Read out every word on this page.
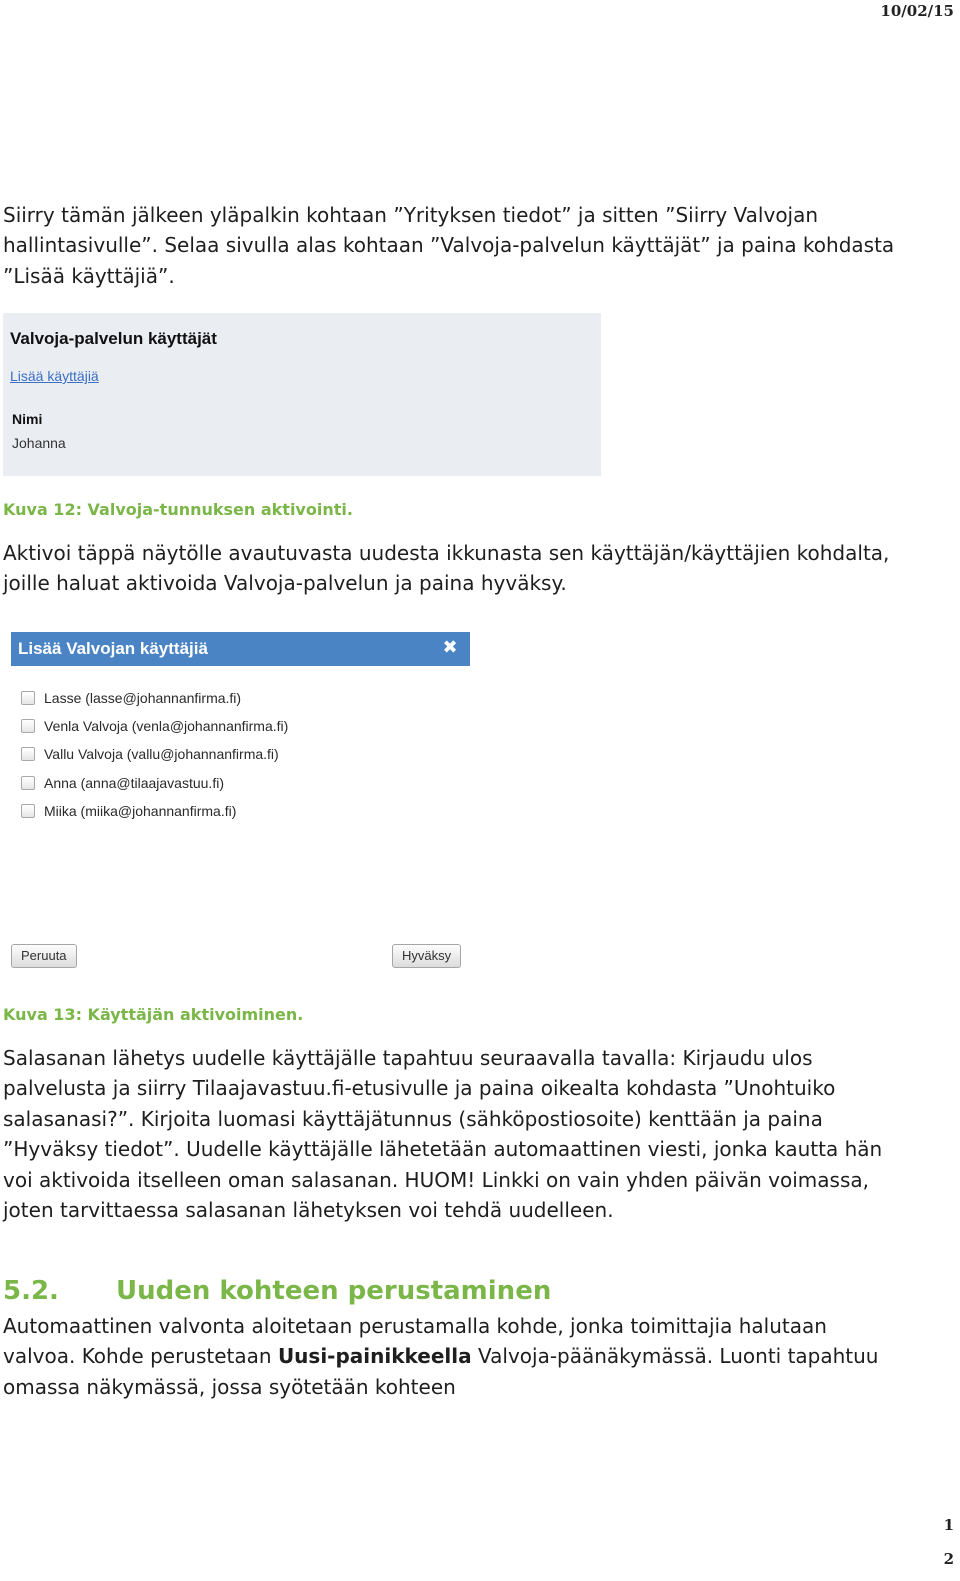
10/02/15

Siirry tämän jälkeen yläpalkin kohtaan ”Yrityksen tiedot” ja sitten ”Siirry Valvojan hallintasivulle”. Selaa sivulla alas kohtaan ”Valvoja-palvelun käyttäjät” ja paina kohdasta ”Lisää käyttäjiä”.

Valvoja-palvelun käyttäjät
Lisää käyttäjiä
Nimi
Johanna
Kuva 12: Valvoja-tunnuksen aktivointi.

Aktivoi täppä näytölle avautuvasta uudesta ikkunasta sen käyttäjän/käyttäjien kohdalta, joille haluat aktivoida Valvoja-palvelun ja paina hyväksy.

Lisää Valvojan käyttäjiä	✖
Lasse (lasse@johannanfirma.fi)
Venla Valvoja (venla@johannanfirma.fi)
Vallu Valvoja (vallu@johannanfirma.fi)
Anna (anna@tilaajavastuu.fi)
Miika (miika@johannanfirma.fi)
Peruuta	Hyväksy
Kuva 13: Käyttäjän aktivoiminen.

Salasanan lähetys uudelle käyttäjälle tapahtuu seuraavalla tavalla: Kirjaudu ulos palvelusta ja siirry Tilaajavastuu.fi-etusivulle ja paina oikealta kohdasta ”Unohtuiko salasanasi?”. Kirjoita luomasi käyttäjätunnus (sähköpostiosoite) kenttään ja paina ”Hyväksy tiedot”. Uudelle käyttäjälle lähetetään automaattinen viesti, jonka kautta hän voi aktivoida itselleen oman salasanan. HUOM! Linkki on vain yhden päivän voimassa, joten tarvittaessa salasanan lähetyksen voi tehdä uudelleen.

5.2. Uuden kohteen perustaminen

Automaattinen valvonta aloitetaan perustamalla kohde, jonka toimittajia halutaan valvoa. Kohde perustetaan Uusi-painikkeella Valvoja-päänäkymässä. Luonti tapahtuu omassa näkymässä, jossa syötetään kohteen

1
2
